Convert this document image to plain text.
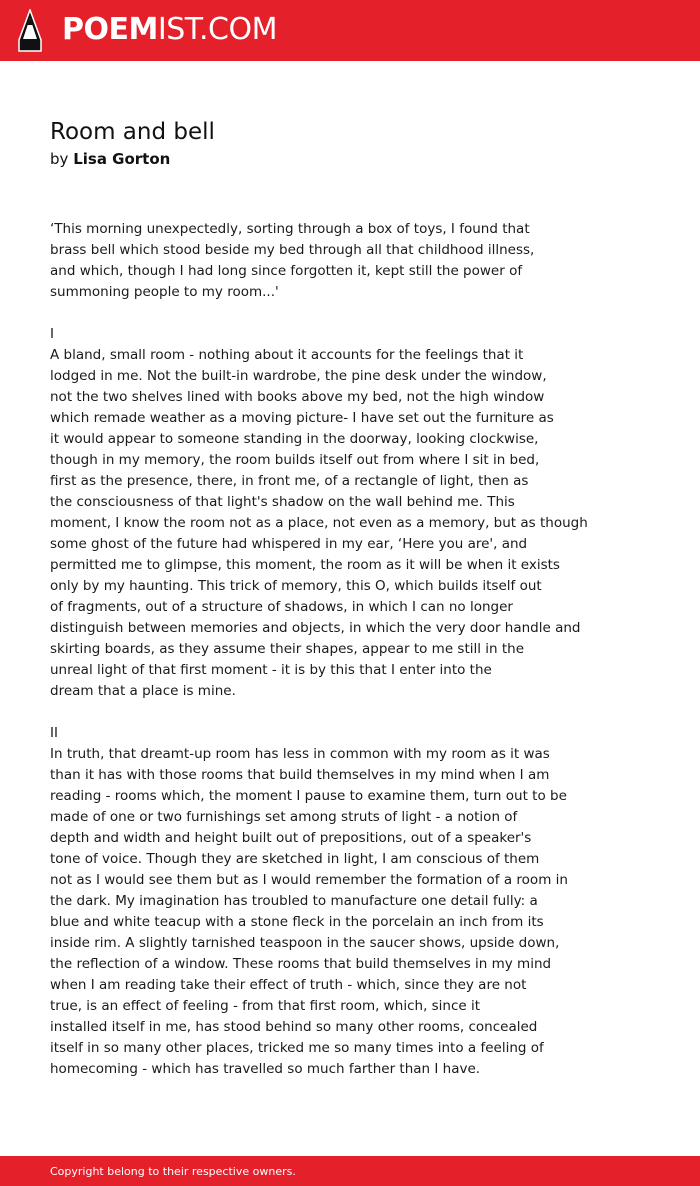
POEMIST.COM
Room and bell
by Lisa Gorton
‘This morning unexpectedly, sorting through a box of toys, I found that
brass bell which stood beside my bed through all that childhood illness,
and which, though I had long since forgotten it, kept still the power of
summoning people to my room...'
I
A bland, small room - nothing about it accounts for the feelings that it
lodged in me. Not the built-in wardrobe, the pine desk under the window,
not the two shelves lined with books above my bed, not the high window
which remade weather as a moving picture- I have set out the furniture as
it would appear to someone standing in the doorway, looking clockwise,
though in my memory, the room builds itself out from where I sit in bed,
first as the presence, there, in front me, of a rectangle of light, then as
the consciousness of that light's shadow on the wall behind me. This
moment, I know the room not as a place, not even as a memory, but as though
some ghost of the future had whispered in my ear, ‘Here you are', and
permitted me to glimpse, this moment, the room as it will be when it exists
only by my haunting. This trick of memory, this O, which builds itself out
of fragments, out of a structure of shadows, in which I can no longer
distinguish between memories and objects, in which the very door handle and
skirting boards, as they assume their shapes, appear to me still in the
unreal light of that first moment - it is by this that I enter into the
dream that a place is mine.
II
In truth, that dreamt-up room has less in common with my room as it was
than it has with those rooms that build themselves in my mind when I am
reading - rooms which, the moment I pause to examine them, turn out to be
made of one or two furnishings set among struts of light - a notion of
depth and width and height built out of prepositions, out of a speaker's
tone of voice. Though they are sketched in light, I am conscious of them
not as I would see them but as I would remember the formation of a room in
the dark. My imagination has troubled to manufacture one detail fully: a
blue and white teacup with a stone fleck in the porcelain an inch from its
inside rim. A slightly tarnished teaspoon in the saucer shows, upside down,
the reflection of a window. These rooms that build themselves in my mind
when I am reading take their effect of truth - which, since they are not
true, is an effect of feeling - from that first room, which, since it
installed itself in me, has stood behind so many other rooms, concealed
itself in so many other places, tricked me so many times into a feeling of
homecoming - which has travelled so much farther than I have.
Copyright belong to their respective owners.
